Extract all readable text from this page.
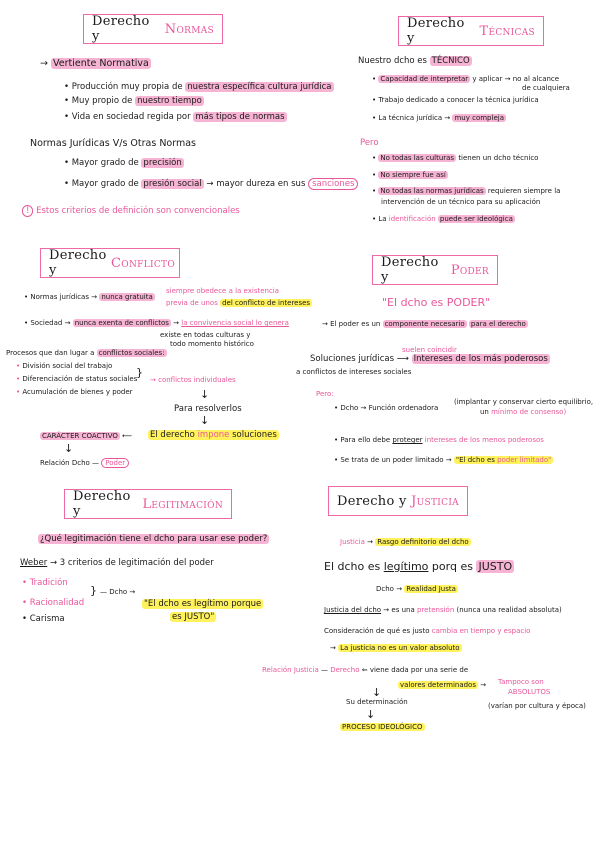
Derecho y
	Normas
→ Vertiente Normativa
• Producción muy propia de nuestra específica cultura jurídica
• Muy propio de nuestro tiempo
• Vida en sociedad regida por más tipos de normas
Normas Jurídicas V/s Otras Normas
• Mayor grado de precisión
• Mayor grado de presión social → mayor dureza en sus sanciones
! Estos criterios de definición son convencionales
Derecho y
	Técnicas
Nuestro dcho es TÉCNICO
• Capacidad de interpretar y aplicar → no al alcance
de cualquiera
• Trabajo dedicado a conocer la técnica jurídica
• La técnica jurídica → muy compleja
Pero
• No todas las culturas tienen un dcho técnico
• No siempre fue así
• No todas las normas jurídicas requieren siempre la
intervención de un técnico para su aplicación
• La identificación puede ser ideológica
Derecho y
	Conflicto
• Normas jurídicas → nunca gratuita
siempre obedece a la existencia
previa de unos del conflicto de intereses
• Sociedad → nunca exenta de conflictos → la convivencia social lo genera
existe en todas culturas y
todo momento histórico
Procesos que dan lugar a conflictos sociales:
• División social del trabajo
• Diferenciación de status sociales
• Acumulación de bienes y poder
}
→ conflictos individuales
↓
Para resolverlos
↓
CARÁCTER COACTIVO ⟵ El derecho impone soluciones
↓
Relación Dcho — Poder
Derecho y
	Poder
"El dcho es PODER"
→ El poder es un componente necesario para el derecho
suelen coincidir
Soluciones jurídicas ⟶ Intereses de los más poderosos
a conflictos de intereses sociales
Pero:
• Dcho → Función ordenadora
(implantar y conservar cierto equilibrio,
un mínimo de consenso)
• Para ello debe proteger intereses de los menos poderosos
• Se trata de un poder limitado → "El dcho es poder limitado"
Derecho y
	Legitimación
¿Qué legitimación tiene el dcho para usar ese poder?
Weber → 3 criterios de legitimación del poder
• Tradición
• Racionalidad
• Carisma
} — Dcho →
"El dcho es legítimo porque
es JUSTO"
Derecho y
Justicia
Justicia → Rasgo definitorio del dcho
El dcho es legítimo porq es JUSTO
Dcho → Realidad Justa
Justicia del dcho → es una pretensión (nunca una realidad absoluta)
Consideración de qué es justo cambia en tiempo y espacio
→ La justicia no es un valor absoluto
Relación Justicia — Derecho ⇐ viene dada por una serie de
valores determinados → Tampoco son
ABSOLUTOS
(varían por cultura y época)
↓
Su determinación
↓
PROCESO IDEOLÓGICO
